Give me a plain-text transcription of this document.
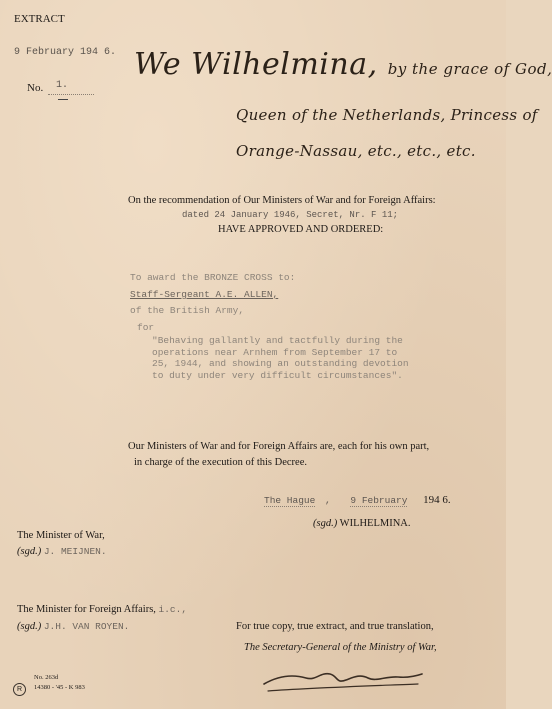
EXTRACT
9 February 194 6.
No. 1.
We Wilhelmina, by the grace of God,
Queen of the Netherlands, Princess of
Orange-Nassau, etc., etc., etc.
On the recommendation of Our Ministers of War and for Foreign Affairs:
dated 24 January 1946, Secret, Nr. F 11;
HAVE APPROVED AND ORDERED:
To award the BRONZE CROSS to:
Staff-Sergeant A.E. ALLEN,
of the British Army,
for
"Behaving gallantly and tactfully during the
operations near Arnhem from September 17 to
25, 1944, and showing an outstanding devotion
to duty under very difficult circumstances".
Our Ministers of War and for Foreign Affairs are, each for his own part,
in charge of the execution of this Decree.
The Hague , 9 February 194 6.
(sgd.) WILHELMINA.
The Minister of War,
(sgd.) J. MEIJNEN.
The Minister for Foreign Affairs, i.c.,
(sgd.) J.H. VAN ROYEN.	For true copy, true extract, and true translation,
The Secretary-General of the Ministry of War,
No. 263d
R	14380 - '45 - K 983
